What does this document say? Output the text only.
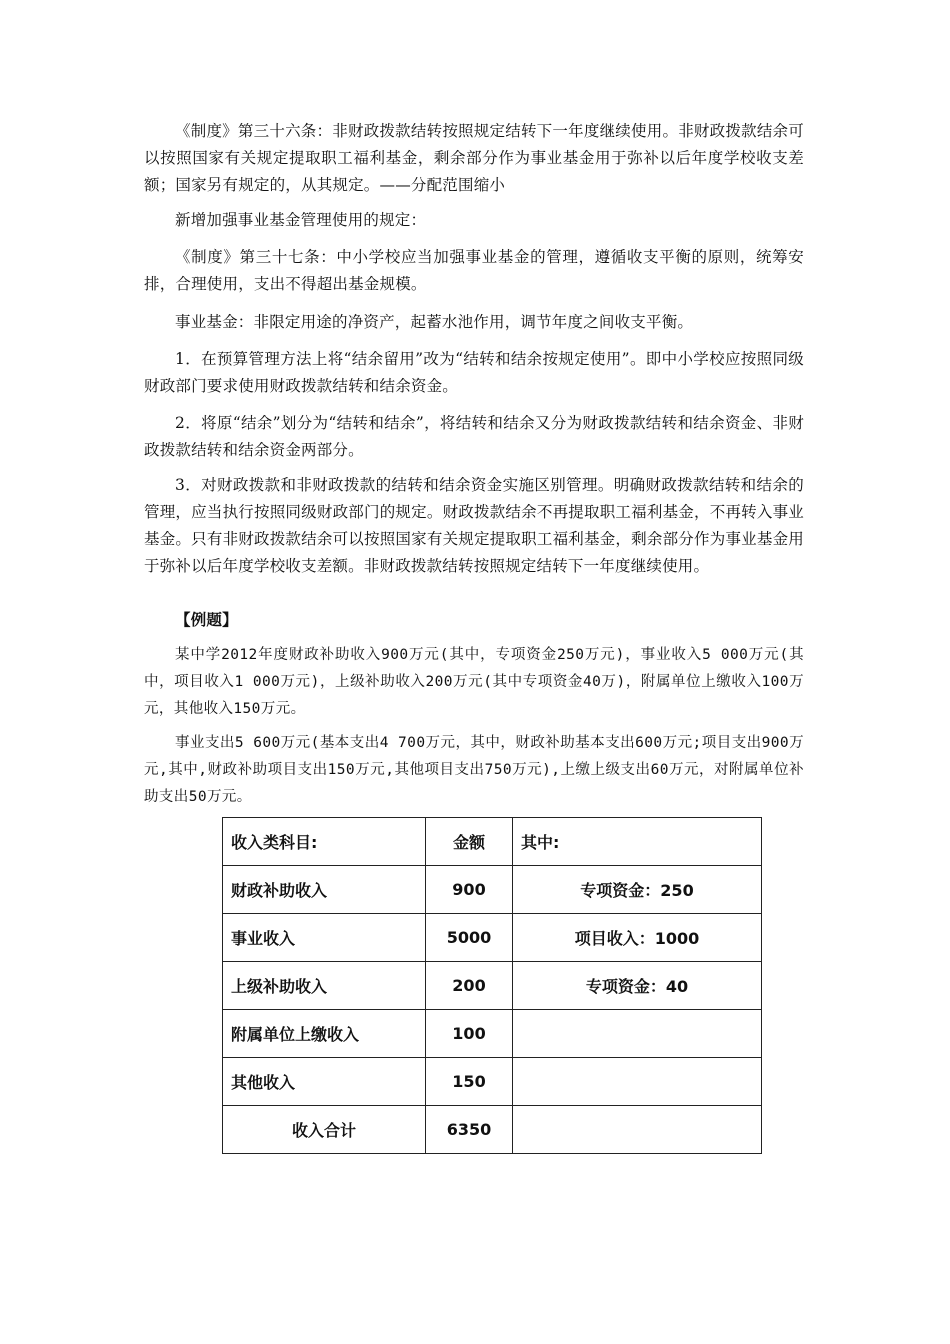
《制度》第三十六条：非财政拨款结转按照规定结转下一年度继续使用。非财政拨款结余可以按照国家有关规定提取职工福利基金，剩余部分作为事业基金用于弥补以后年度学校收支差额；国家另有规定的，从其规定。——分配范围缩小

新增加强事业基金管理使用的规定：

《制度》第三十七条：中小学校应当加强事业基金的管理，遵循收支平衡的原则，统筹安排，合理使用，支出不得超出基金规模。

事业基金：非限定用途的净资产，起蓄水池作用，调节年度之间收支平衡。

1．在预算管理方法上将“结余留用”改为“结转和结余按规定使用”。即中小学校应按照同级财政部门要求使用财政拨款结转和结余资金。

2．将原“结余”划分为“结转和结余”，将结转和结余又分为财政拨款结转和结余资金、非财政拨款结转和结余资金两部分。

3．对财政拨款和非财政拨款的结转和结余资金实施区别管理。明确财政拨款结转和结余的管理，应当执行按照同级财政部门的规定。财政拨款结余不再提取职工福利基金，不再转入事业基金。只有非财政拨款结余可以按照国家有关规定提取职工福利基金，剩余部分作为事业基金用于弥补以后年度学校收支差额。非财政拨款结转按照规定结转下一年度继续使用。

【例题】

某中学2012年度财政补助收入900万元(其中，专项资金250万元)，事业收入5 000万元(其中，项目收入1 000万元)，上级补助收入200万元(其中专项资金40万)，附属单位上缴收入100万元，其他收入150万元。

事业支出5 600万元(基本支出4 700万元，其中，财政补助基本支出600万元;项目支出900万元,其中,财政补助项目支出150万元,其他项目支出750万元),上缴上级支出60万元，对附属单位补助支出50万元。

收入类科目:	金额	其中:
财政补助收入	900	专项资金：250
事业收入	5000	项目收入：1000
上级补助收入	200	专项资金：40
附属单位上缴收入	100	
其他收入	150	
收入合计	6350	
